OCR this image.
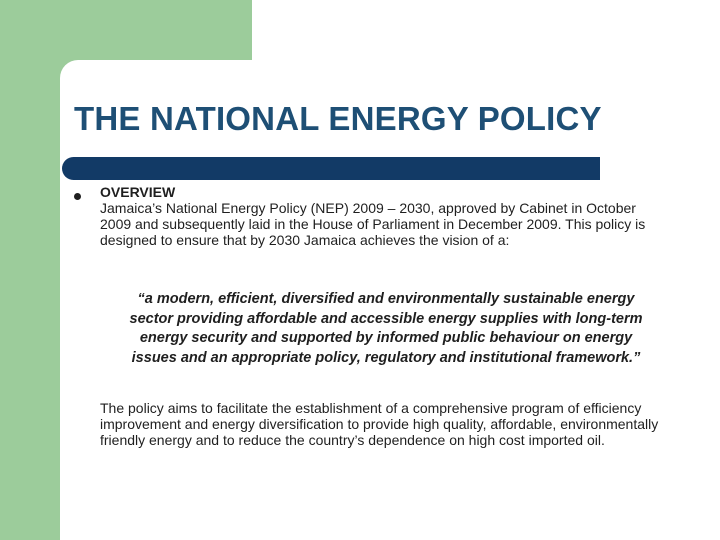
THE NATIONAL ENERGY POLICY
OVERVIEW

Jamaica’s National Energy Policy (NEP) 2009 – 2030, approved by Cabinet in October 2009 and subsequently laid in the House of Parliament in December 2009. This policy is designed to ensure that by 2030 Jamaica achieves the vision of a:

“a modern, efficient, diversified and environmentally sustainable energy sector providing affordable and accessible energy supplies with long-term energy security and supported by informed public behaviour on energy issues and an appropriate policy, regulatory and institutional framework.”

The policy aims to facilitate the establishment of a comprehensive program of efficiency improvement and energy diversification to provide high quality, affordable, environmentally friendly energy and to reduce the country’s dependence on high cost imported oil.
